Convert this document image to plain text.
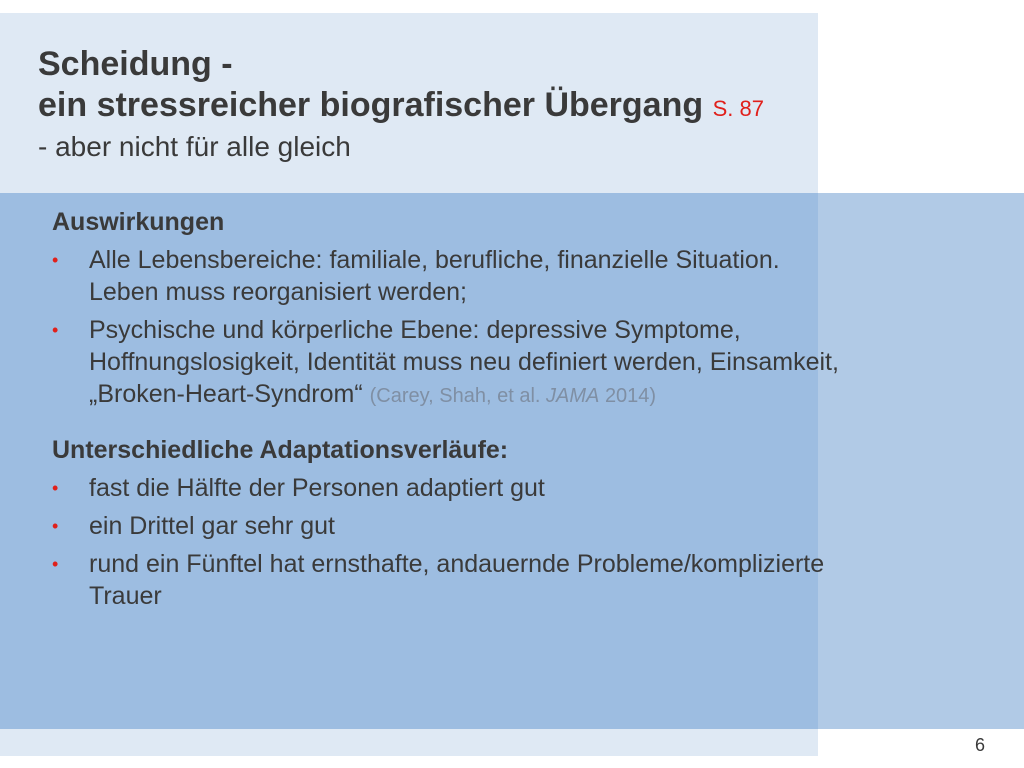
Scheidung -
ein stressreicher biografischer Übergang S. 87
- aber nicht für alle gleich
Auswirkungen
• Alle Lebensbereiche: familiale, berufliche, finanzielle Situation.
Leben muss reorganisiert werden;
• Psychische und körperliche Ebene: depressive Symptome,
Hoffnungslosigkeit, Identität muss neu definiert werden, Einsamkeit,
„Broken-Heart-Syndrom“ (Carey, Shah, et al. JAMA 2014)
Unterschiedliche Adaptationsverläufe:
• fast die Hälfte der Personen adaptiert gut
• ein Drittel gar sehr gut
• rund ein Fünftel hat ernsthafte, andauernde Probleme/komplizierte
Trauer
6
